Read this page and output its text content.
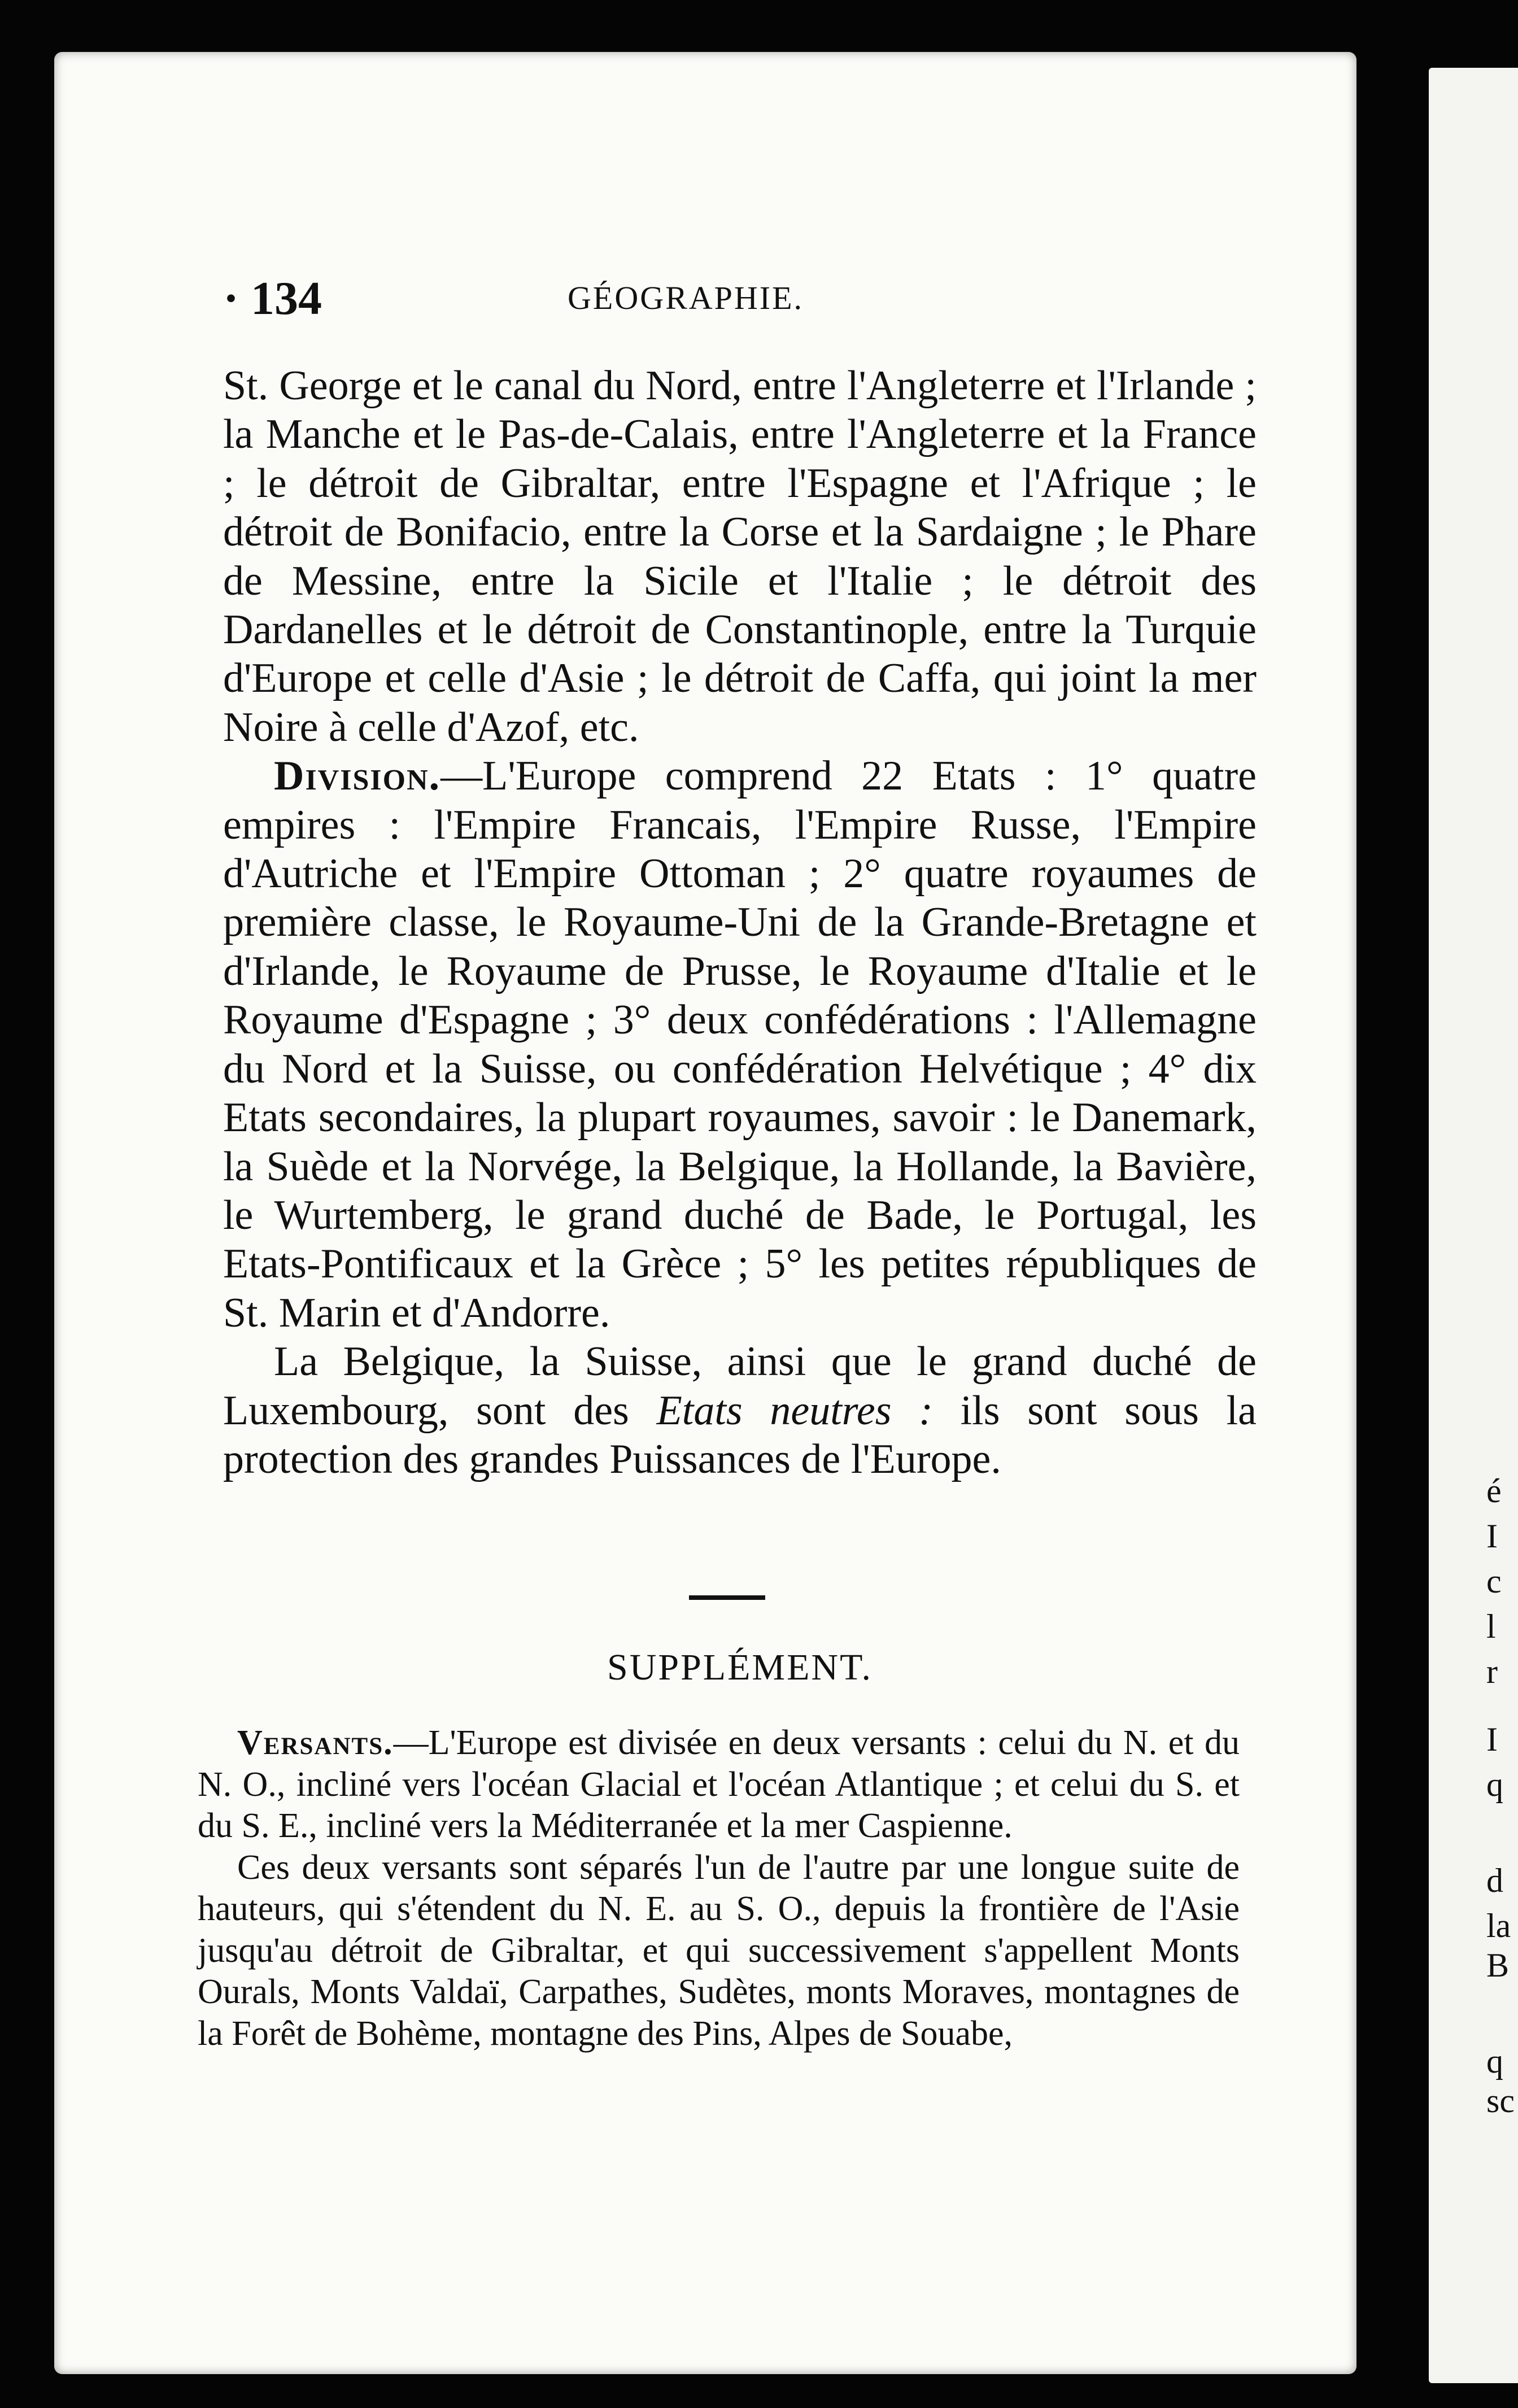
é
I
c
l
r
I
q
d
la
B
q
sc
· 134	GÉOGRAPHIE.

St. George et le canal du Nord, entre l'Angleterre et l'Irlande ; la Manche et le Pas-de-Calais, entre l'Angleterre et la France ; le détroit de Gibraltar, entre l'Espagne et l'Afrique ; le détroit de Bonifacio, entre la Corse et la Sardaigne ; le Phare de Messine, entre la Sicile et l'Italie ; le détroit des Dardanelles et le détroit de Constantinople, entre la Turquie d'Europe et celle d'Asie ; le détroit de Caffa, qui joint la mer Noire à celle d'Azof, etc.

Division.—L'Europe comprend 22 Etats : 1° quatre empires : l'Empire Francais, l'Empire Russe, l'Empire d'Autriche et l'Empire Ottoman ; 2° quatre royaumes de première classe, le Royaume-Uni de la Grande-Bretagne et d'Irlande, le Royaume de Prusse, le Royaume d'Italie et le Royaume d'Espagne ; 3° deux confédérations : l'Allemagne du Nord et la Suisse, ou confédération Helvétique ; 4° dix Etats secondaires, la plupart royaumes, savoir : le Danemark, la Suède et la Norvége, la Belgique, la Hollande, la Bavière, le Wurtemberg, le grand duché de Bade, le Portugal, les Etats-Pontificaux et la Grèce ; 5° les petites républiques de St. Marin et d'Andorre.

La Belgique, la Suisse, ainsi que le grand duché de Luxembourg, sont des Etats neutres : ils sont sous la protection des grandes Puissances de l'Europe.

SUPPLÉMENT.

Versants.—L'Europe est divisée en deux versants : celui du N. et du N. O., incliné vers l'océan Glacial et l'océan Atlantique ; et celui du S. et du S. E., incliné vers la Méditerranée et la mer Caspienne.

Ces deux versants sont séparés l'un de l'autre par une longue suite de hauteurs, qui s'étendent du N. E. au S. O., depuis la frontière de l'Asie jusqu'au détroit de Gibraltar, et qui successivement s'appellent Monts Ourals, Monts Valdaï, Carpathes, Sudètes, monts Moraves, montagnes de la Forêt de Bohème, montagne des Pins, Alpes de Souabe,
